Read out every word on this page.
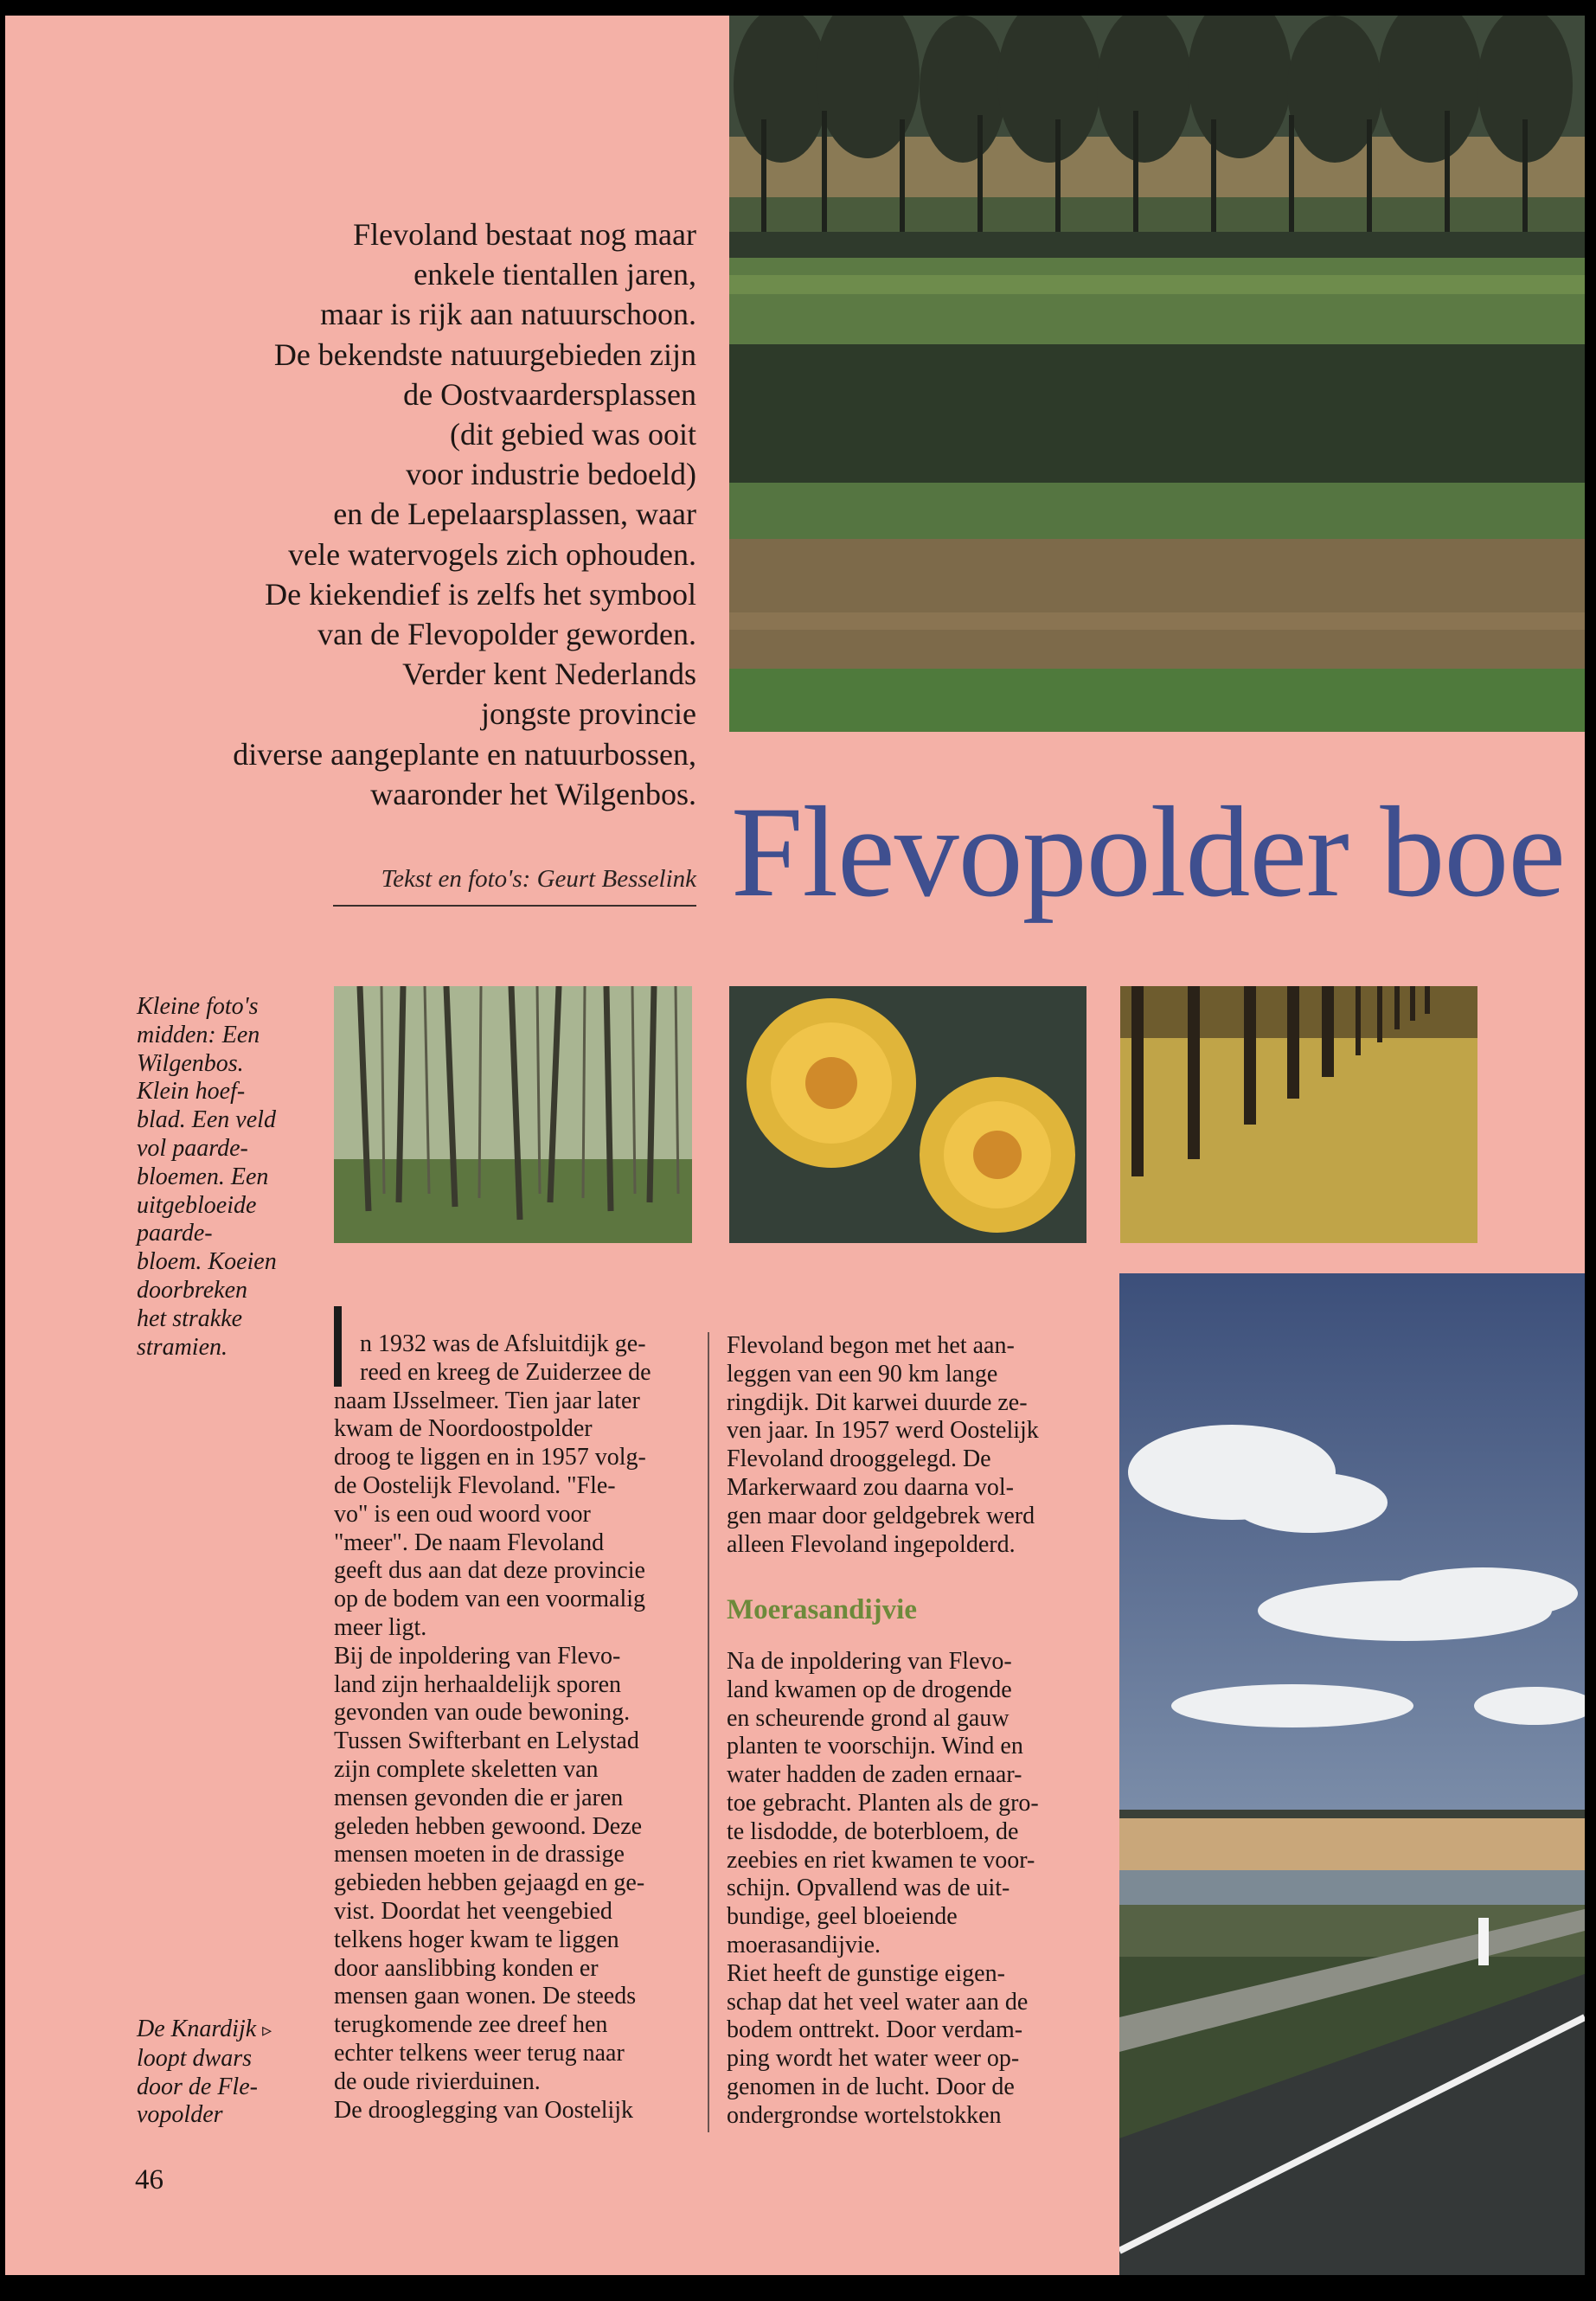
Flevoland bestaat nog maar
enkele tientallen jaren,
maar is rijk aan natuurschoon.
De bekendste natuurgebieden zijn
de Oostvaardersplassen
(dit gebied was ooit
voor industrie bedoeld)
en de Lepelaarsplassen, waar
vele watervogels zich ophouden.
De kiekendief is zelfs het symbool
van de Flevopolder geworden.
Verder kent Nederlands
jongste provincie
diverse aangeplante en natuurbossen,
waaronder het Wilgenbos.
Tekst en foto's: Geurt Besselink Flevopolder boe
Kleine foto's
midden: Een
Wilgenbos.
Klein hoef-
blad. Een veld
vol paarde-
bloemen. Een
uitgebloeide
paarde-
bloem. Koeien
doorbreken
het strakke
stramien.	n 1932 was de Afsluitdijk ge-
reed en kreeg de Zuiderzee de
naam IJsselmeer. Tien jaar later
kwam de Noordoostpolder
droog te liggen en in 1957 volg-
de Oostelijk Flevoland. "Fle-
vo" is een oud woord voor
"meer". De naam Flevoland
geeft dus aan dat deze provincie
op de bodem van een voormalig
meer ligt.
Bij de inpoldering van Flevo-
land zijn herhaaldelijk sporen
gevonden van oude bewoning.
Tussen Swifterbant en Lelystad
zijn complete skeletten van
mensen gevonden die er jaren
geleden hebben gewoond. Deze
mensen moeten in de drassige
gebieden hebben gejaagd en ge-
vist. Doordat het veengebied
telkens hoger kwam te liggen
door aanslibbing konden er
mensen gaan wonen. De steeds
terugkomende zee dreef hen
echter telkens weer terug naar
de oude rivierduinen.
De drooglegging van Oostelijk
Flevoland begon met het aan-
leggen van een 90 km lange
ringdijk. Dit karwei duurde ze-
ven jaar. In 1957 werd Oostelijk
Flevoland drooggelegd. De
Markerwaard zou daarna vol-
gen maar door geldgebrek werd
alleen Flevoland ingepolderd.
Moerasandijvie
Na de inpoldering van Flevo-
land kwamen op de drogende
en scheurende grond al gauw
planten te voorschijn. Wind en
water hadden de zaden ernaar-
toe gebracht. Planten als de gro-
te lisdodde, de boterbloem, de
zeebies en riet kwamen te voor-
schijn. Opvallend was de uit-
bundige, geel bloeiende
moerasandijvie.
Riet heeft de gunstige eigen-
schap dat het veel water aan de
bodem onttrekt. Door verdam-
ping wordt het water weer op-
genomen in de lucht. Door de
ondergrondse wortelstokken
De Knardijk ▹
loopt dwars
door de Fle-
vopolder
46
